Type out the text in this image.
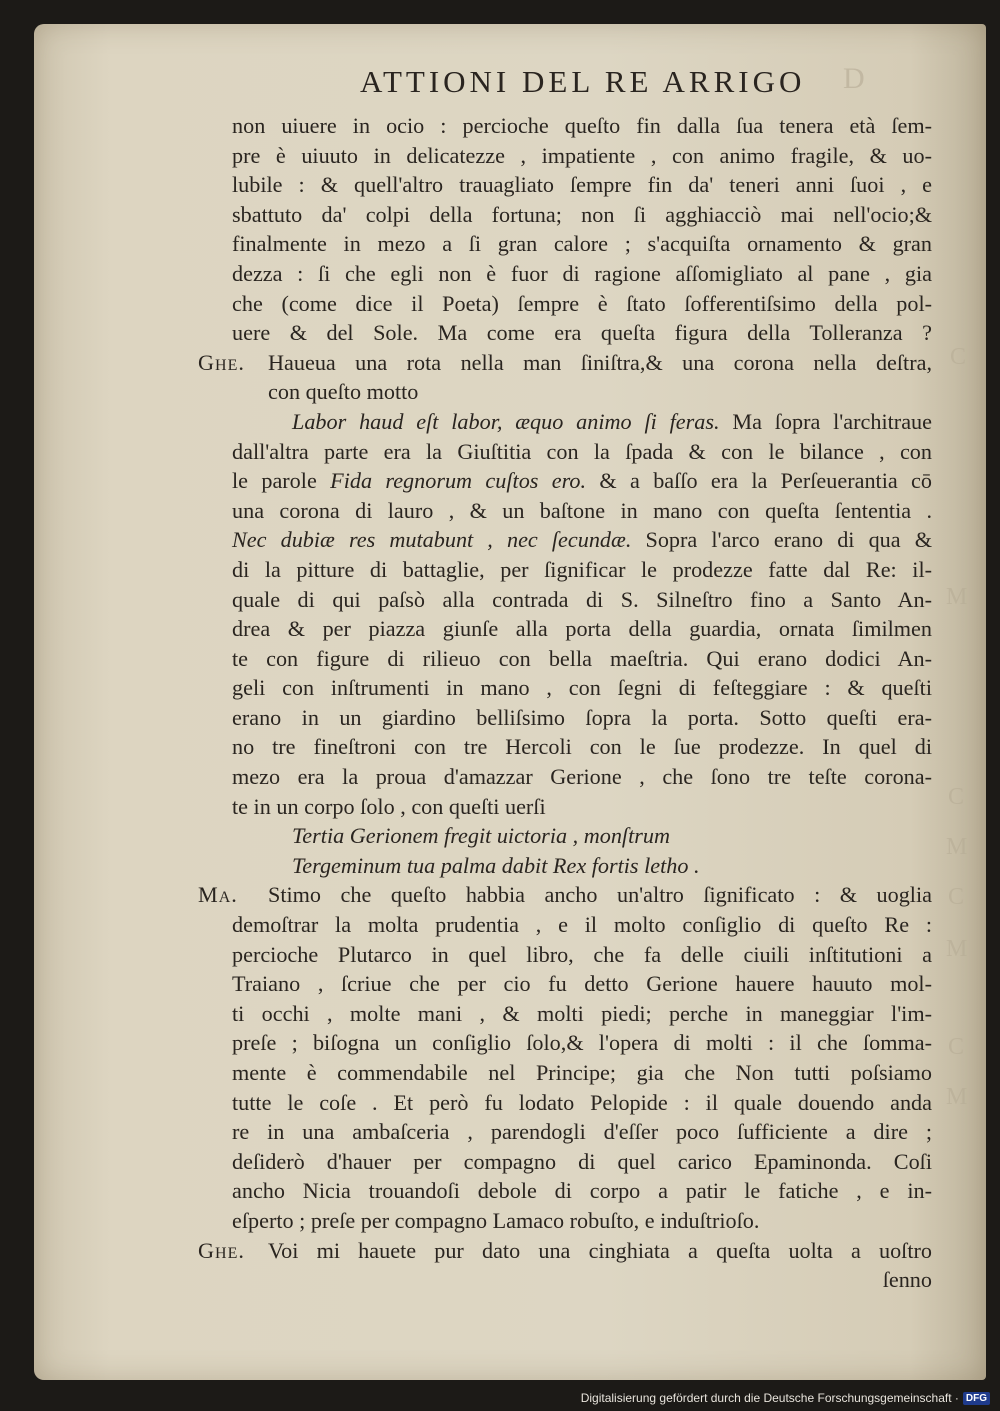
C
M
C
M
C
M
C
M
ATTIONI DEL RE ARRIGO D
non uiuere in ocio : percioche queſto fin dalla ſua tenera età ſem-
pre è uiuuto in delicatezze , impatiente , con animo fragile, & uo-
lubile : & quell'altro trauagliato ſempre fin da' teneri anni ſuoi , e
sbattuto da' colpi della fortuna; non ſi agghiacciò mai nell'ocio;&
finalmente in mezo a ſi gran calore ; s'acquiſta ornamento & gran
dezza : ſi che egli non è fuor di ragione aſſomigliato al pane , gia
che (come dice il Poeta) ſempre è ſtato ſofferentiſsimo della pol-
uere & del Sole. Ma come era queſta figura della Tolleranza ?
Ghe.	Haueua una rota nella man ſiniſtra,& una corona nella deſtra,
con queſto motto
Labor haud eſt labor, æquo animo ſi feras. Ma ſopra l'architraue
dall'altra parte era la Giuſtitia con la ſpada & con le bilance , con
le parole Fida regnorum cuſtos ero. & a baſſo era la Perſeuerantia cō
una corona di lauro , & un baſtone in mano con queſta ſententia .
Nec dubiæ res mutabunt , nec ſecundæ. Sopra l'arco erano di qua &
di la pitture di battaglie, per ſignificar le prodezze fatte dal Re: il-
quale di qui paſsò alla contrada di S. Silneſtro fino a Santo An-
drea & per piazza giunſe alla porta della guardia, ornata ſimilmen
te con figure di rilieuo con bella maeſtria. Qui erano dodici An-
geli con inſtrumenti in mano , con ſegni di feſteggiare : & queſti
erano in un giardino belliſsimo ſopra la porta. Sotto queſti era-
no tre fineſtroni con tre Hercoli con le ſue prodezze. In quel di
mezo era la proua d'amazzar Gerione , che ſono tre teſte corona-
te in un corpo ſolo , con queſti uerſi
Tertia Gerionem fregit uictoria , monſtrum
Tergeminum tua palma dabit Rex fortis letho .
Ma.	Stimo che queſto habbia ancho un'altro ſignificato : & uoglia
demoſtrar la molta prudentia , e il molto conſiglio di queſto Re :
percioche Plutarco in quel libro, che fa delle ciuili inſtitutioni a
Traiano , ſcriue che per cio fu detto Gerione hauere hauuto mol-
ti occhi , molte mani , & molti piedi; perche in maneggiar l'im-
preſe ; biſogna un conſiglio ſolo,& l'opera di molti : il che ſomma-
mente è commendabile nel Principe; gia che Non tutti poſsiamo
tutte le coſe . Et però fu lodato Pelopide : il quale douendo anda
re in una ambaſceria , parendogli d'eſſer poco ſufficiente a dire ;
deſiderò d'hauer per compagno di quel carico Epaminonda. Coſi
ancho Nicia trouandoſi debole di corpo a patir le fatiche , e in-
eſperto ; preſe per compagno Lamaco robuſto, e induſtrioſo.
Ghe.	Voi mi hauete pur dato una cinghiata a queſta uolta a uoſtro
ſenno
Digitalisierung gefördert durch die Deutsche Forschungsgemeinschaft · DFG
